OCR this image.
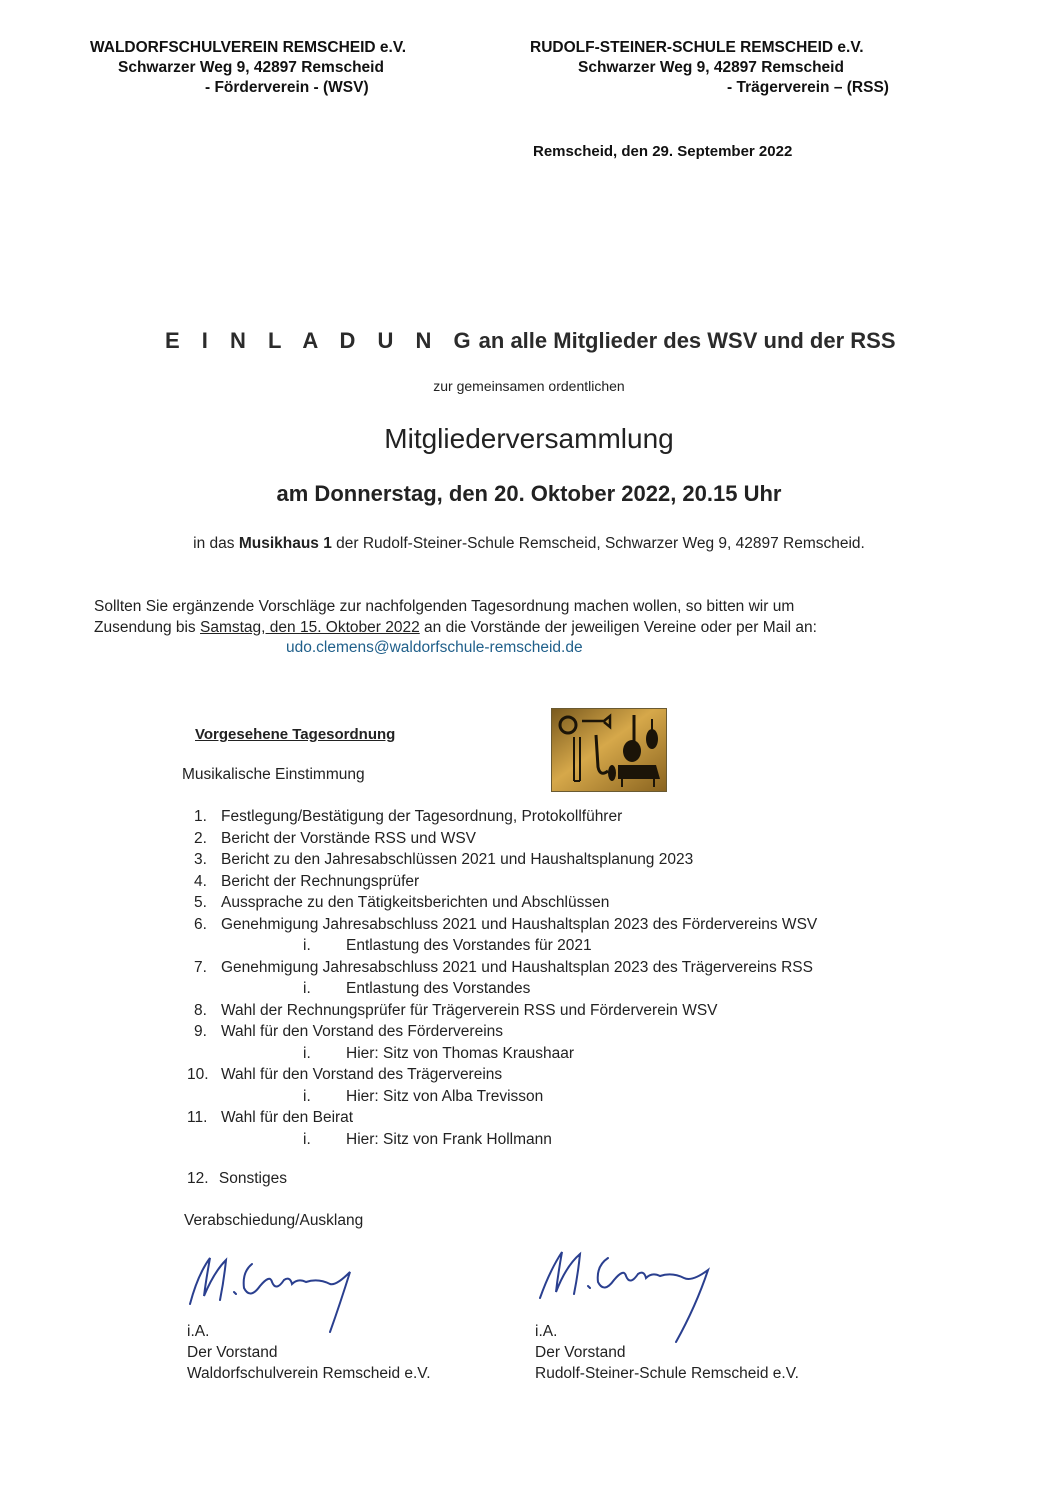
WALDORFSCHULVEREIN REMSCHEID e.V.
Schwarzer Weg 9, 42897 Remscheid
- Förderverein - (WSV)
RUDOLF-STEINER-SCHULE REMSCHEID e.V.
Schwarzer Weg 9, 42897 Remscheid
- Trägerverein – (RSS)
Remscheid, den 29. September 2022
E I N L A D U N Gan alle Mitglieder des WSV und der RSS
zur gemeinsamen ordentlichen
Mitgliederversammlung
am Donnerstag, den 20. Oktober 2022, 20.15 Uhr
in das Musikhaus 1 der Rudolf-Steiner-Schule Remscheid, Schwarzer Weg 9, 42897 Remscheid.
Sollten Sie ergänzende Vorschläge zur nachfolgenden Tagesordnung machen wollen, so bitten wir um
Zusendung bis Samstag, den 15. Oktober 2022 an die Vorstände der jeweiligen Vereine oder per Mail an:
udo.clemens@waldorfschule-remscheid.de
Vorgesehene Tagesordnung
Musikalische Einstimmung
1. Festlegung/Bestätigung der Tagesordnung, Protokollführer
2. Bericht der Vorstände RSS und WSV
3. Bericht zu den Jahresabschlüssen 2021 und Haushaltsplanung 2023
4. Bericht der Rechnungsprüfer
5. Aussprache zu den Tätigkeitsberichten und Abschlüssen
6. Genehmigung Jahresabschluss 2021 und Haushaltsplan 2023 des Fördervereins WSV
i.	Entlastung des Vorstandes für 2021
7. Genehmigung Jahresabschluss 2021 und Haushaltsplan 2023 des Trägervereins RSS
i.	Entlastung des Vorstandes
8. Wahl der Rechnungsprüfer für Trägerverein RSS und Förderverein WSV
9. Wahl für den Vorstand des Fördervereins
i.	Hier: Sitz von Thomas Kraushaar
10. Wahl für den Vorstand des Trägervereins
i.	Hier: Sitz von Alba Trevisson
11. Wahl für den Beirat
i.	Hier: Sitz von Frank Hollmann
12. Sonstiges
Verabschiedung/Ausklang
i.A.
Der Vorstand
Waldorfschulverein Remscheid e.V.
i.A.
Der Vorstand
Rudolf-Steiner-Schule Remscheid e.V.
